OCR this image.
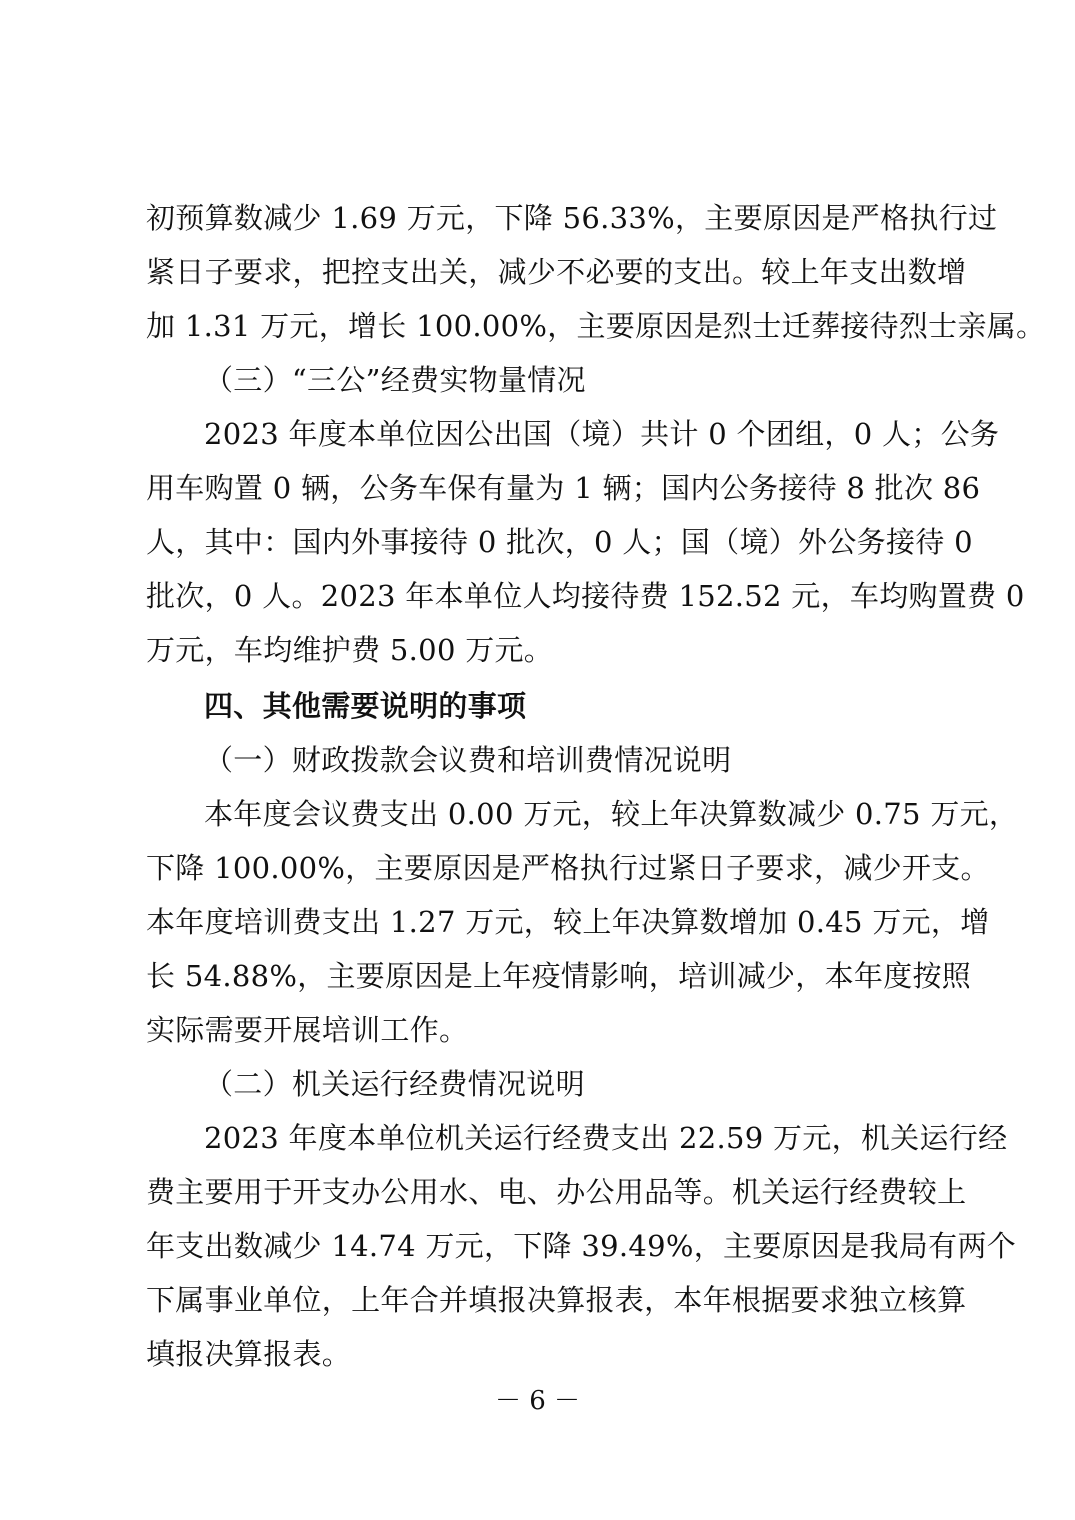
初预算数减少 1.69 万元，下降 56.33%，主要原因是严格执行过
紧日子要求，把控支出关，减少不必要的支出。较上年支出数增
加 1.31 万元，增长 100.00%，主要原因是烈士迁葬接待烈士亲属。
（三）“三公”经费实物量情况
2023 年度本单位因公出国（境）共计 0 个团组，0 人；公务
用车购置 0 辆，公务车保有量为 1 辆；国内公务接待 8 批次 86
人，其中：国内外事接待 0 批次，0 人；国（境）外公务接待 0
批次，0 人。2023 年本单位人均接待费 152.52 元，车均购置费 0
万元，车均维护费 5.00 万元。
四、其他需要说明的事项
（一）财政拨款会议费和培训费情况说明
本年度会议费支出 0.00 万元，较上年决算数减少 0.75 万元，
下降 100.00%，主要原因是严格执行过紧日子要求，减少开支。
本年度培训费支出 1.27 万元，较上年决算数增加 0.45 万元，增
长 54.88%，主要原因是上年疫情影响，培训减少，本年度按照
实际需要开展培训工作。
（二）机关运行经费情况说明
2023 年度本单位机关运行经费支出 22.59 万元，机关运行经
费主要用于开支办公用水、电、办公用品等。机关运行经费较上
年支出数减少 14.74 万元，下降 39.49%，主要原因是我局有两个
下属事业单位，上年合并填报决算报表，本年根据要求独立核算
填报决算报表。
－ 6 －
